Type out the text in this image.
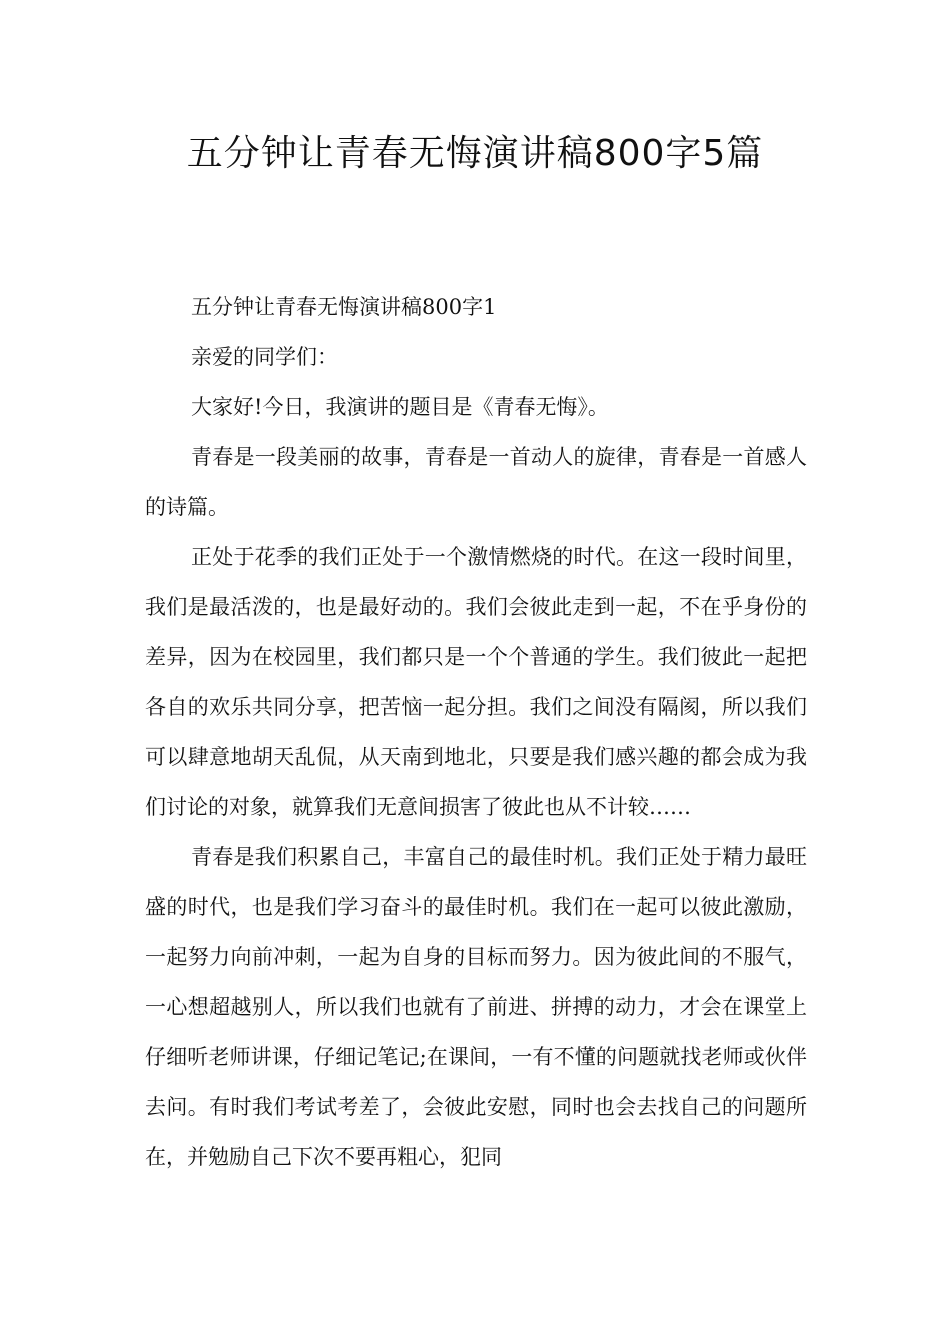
五分钟让青春无悔演讲稿800字5篇

五分钟让青春无悔演讲稿800字1

亲爱的同学们：

大家好!今日，我演讲的题目是《青春无悔》。

青春是一段美丽的故事，青春是一首动人的旋律，青春是一首感人的诗篇。

正处于花季的我们正处于一个激情燃烧的时代。在这一段时间里，我们是最活泼的，也是最好动的。我们会彼此走到一起，不在乎身份的差异，因为在校园里，我们都只是一个个普通的学生。我们彼此一起把各自的欢乐共同分享，把苦恼一起分担。我们之间没有隔阂，所以我们可以肆意地胡天乱侃，从天南到地北，只要是我们感兴趣的都会成为我们讨论的对象，就算我们无意间损害了彼此也从不计较……

青春是我们积累自己，丰富自己的最佳时机。我们正处于精力最旺盛的时代，也是我们学习奋斗的最佳时机。我们在一起可以彼此激励，一起努力向前冲刺，一起为自身的目标而努力。因为彼此间的不服气，一心想超越别人，所以我们也就有了前进、拼搏的动力，才会在课堂上仔细听老师讲课，仔细记笔记;在课间，一有不懂的问题就找老师或伙伴去问。有时我们考试考差了，会彼此安慰，同时也会去找自己的问题所在，并勉励自己下次不要再粗心，犯同
